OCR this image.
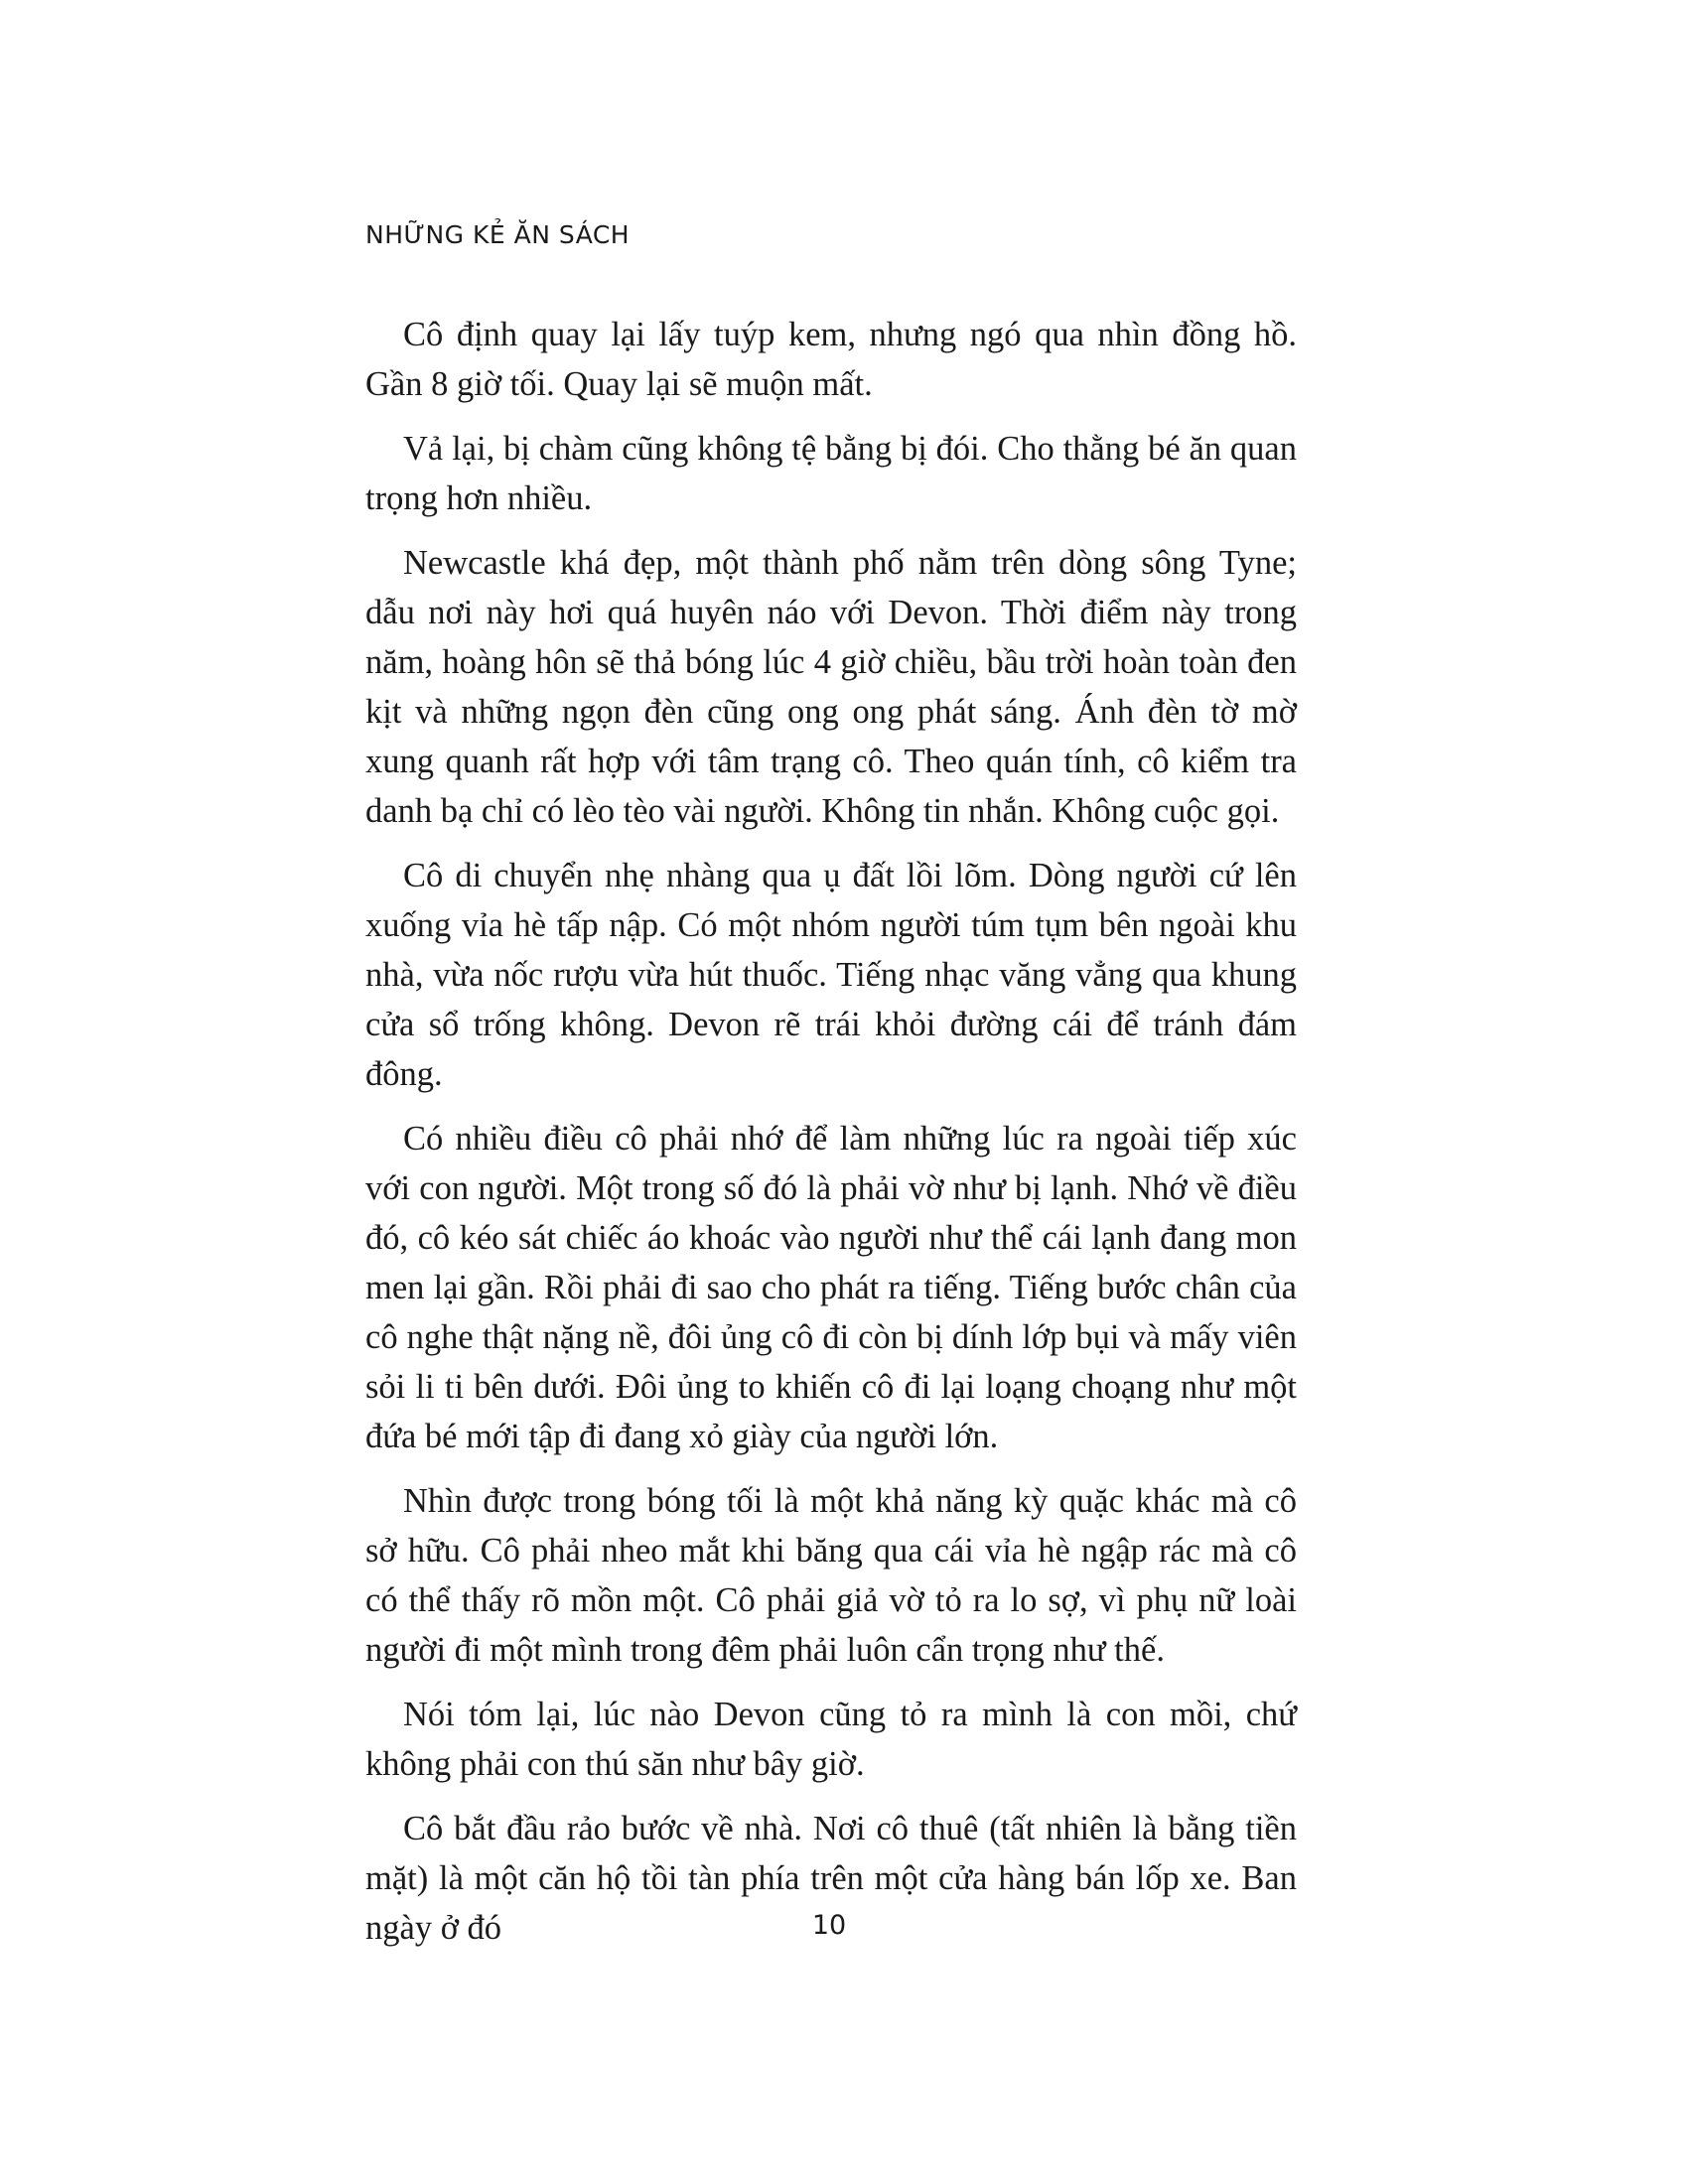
NHỮNG KẺ ĂN SÁCH

Cô định quay lại lấy tuýp kem, nhưng ngó qua nhìn đồng hồ. Gần 8 giờ tối. Quay lại sẽ muộn mất.

Vả lại, bị chàm cũng không tệ bằng bị đói. Cho thằng bé ăn quan trọng hơn nhiều.

Newcastle khá đẹp, một thành phố nằm trên dòng sông Tyne; dẫu nơi này hơi quá huyên náo với Devon. Thời điểm này trong năm, hoàng hôn sẽ thả bóng lúc 4 giờ chiều, bầu trời hoàn toàn đen kịt và những ngọn đèn cũng ong ong phát sáng. Ánh đèn tờ mờ xung quanh rất hợp với tâm trạng cô. Theo quán tính, cô kiểm tra danh bạ chỉ có lèo tèo vài người. Không tin nhắn. Không cuộc gọi.

Cô di chuyển nhẹ nhàng qua ụ đất lồi lõm. Dòng người cứ lên xuống vỉa hè tấp nập. Có một nhóm người túm tụm bên ngoài khu nhà, vừa nốc rượu vừa hút thuốc. Tiếng nhạc văng vẳng qua khung cửa sổ trống không. Devon rẽ trái khỏi đường cái để tránh đám đông.

Có nhiều điều cô phải nhớ để làm những lúc ra ngoài tiếp xúc với con người. Một trong số đó là phải vờ như bị lạnh. Nhớ về điều đó, cô kéo sát chiếc áo khoác vào người như thể cái lạnh đang mon men lại gần. Rồi phải đi sao cho phát ra tiếng. Tiếng bước chân của cô nghe thật nặng nề, đôi ủng cô đi còn bị dính lớp bụi và mấy viên sỏi li ti bên dưới. Đôi ủng to khiến cô đi lại loạng choạng như một đứa bé mới tập đi đang xỏ giày của người lớn.

Nhìn được trong bóng tối là một khả năng kỳ quặc khác mà cô sở hữu. Cô phải nheo mắt khi băng qua cái vỉa hè ngập rác mà cô có thể thấy rõ mồn một. Cô phải giả vờ tỏ ra lo sợ, vì phụ nữ loài người đi một mình trong đêm phải luôn cẩn trọng như thế.

Nói tóm lại, lúc nào Devon cũng tỏ ra mình là con mồi, chứ không phải con thú săn như bây giờ.

Cô bắt đầu rảo bước về nhà. Nơi cô thuê (tất nhiên là bằng tiền mặt) là một căn hộ tồi tàn phía trên một cửa hàng bán lốp xe. Ban ngày ở đó	10
